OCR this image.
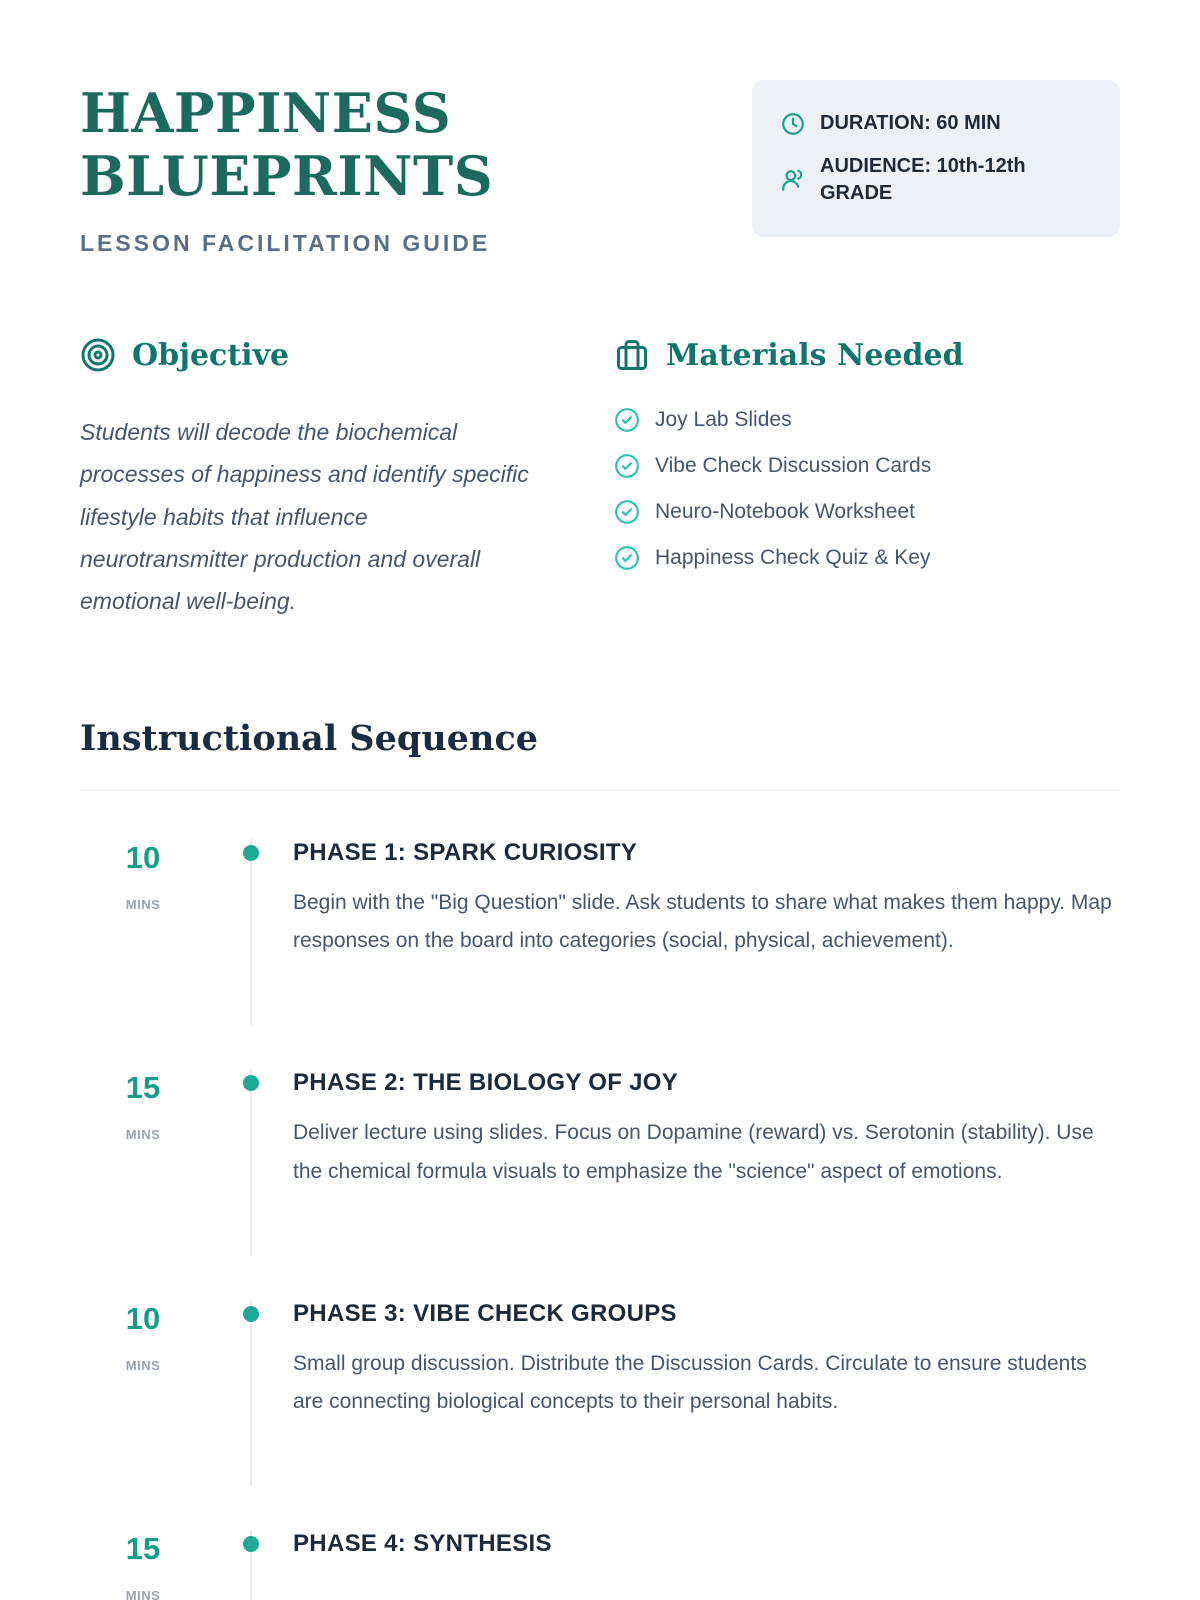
HAPPINESS
BLUEPRINTS
LESSON FACILITATION GUIDE
DURATION: 60 MIN
AUDIENCE: 10th-12th GRADE
Objective

Students will decode the biochemical processes of happiness and identify specific lifestyle habits that influence neurotransmitter production and overall emotional well-being.

Materials Needed
Joy Lab Slides
Vibe Check Discussion Cards
Neuro-Notebook Worksheet
Happiness Check Quiz & Key
Instructional Sequence
10
MINS
PHASE 1: SPARK CURIOSITY

Begin with the "Big Question" slide. Ask students to share what makes them happy. Map responses on the board into categories (social, physical, achievement).

15
MINS
PHASE 2: THE BIOLOGY OF JOY

Deliver lecture using slides. Focus on Dopamine (reward) vs. Serotonin (stability). Use the chemical formula visuals to emphasize the "science" aspect of emotions.

10
MINS
PHASE 3: VIBE CHECK GROUPS

Small group discussion. Distribute the Discussion Cards. Circulate to ensure students are connecting biological concepts to their personal habits.

15
MINS
PHASE 4: SYNTHESIS
